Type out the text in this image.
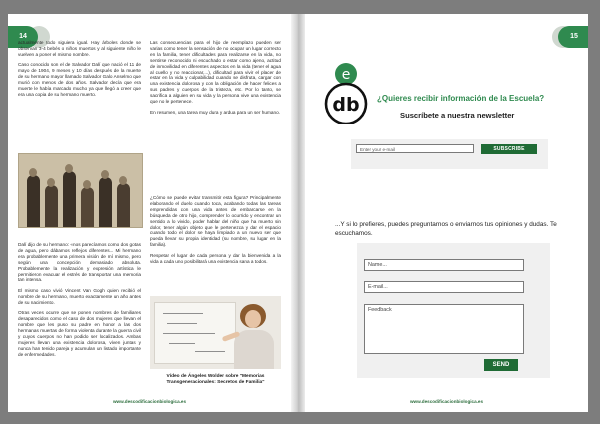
14

actualmente todo siguiera igual. Hay árboles donde se observan 3-4 bebés o niños muertos y al siguiente niño le vuelven a poner el mismo nombre.

Caso conocido son el de Salvador Dalí que nació el 11 de mayo de 1904, 9 meses y 10 días después de la muerte de su hermano mayor llamado Salvador Galo Anselmo que murió con menos de dos años. Salvador decía que era muerte le había marcado mucho ya que llegó a creer que era una copia de su hermano muerto.

Dalí dijo de su hermano: «nos parecíamos como dos gotas de agua, pero dábamos reflejos diferentes... Mi hermano era probablemente una primera visión de mí mismo, pero según una concepción demasiado absoluta. Probablemente la realización y expresión artística le permitieron evacuar el estrés de transportar una memoria tan intensa.

El mismo caso vivió Vincent Van Gogh quien recibió el nombre de su hermano, muerto exactamente un año antes de su nacimiento.

Otras veces ocurre que se ponen nombres de familiares desaparecidos como el caso de dos mujeres que llevan el nombre que les puso su padre en honor a las dos hermanas muertas de forma violenta durante la guerra civil y cuyos cuerpos no han podido ser localizados. Ambas mujeres llevan una existencia dolorosa, viven juntas y nunca han tenido pareja y acumulan un listado importante de enfermedades.

Las consecuencias para el hijo de reemplazo pueden ser varias como tener la sensación de no ocupar un lugar correcto en la familia, tener dificultades para realizarse en la vida, no sentirse reconocido ni escuchado o estar como ajeno, actitud de inmovilidad en diferentes aspectos en la vida (tener el agua al cuello y no reaccionar,...), dificultad para vivir el placer de estar en la vida y culpabilidad cuando se disfruta, cargar con una existencia dolorosa y con la obligación de hacer felices a sus padres y cuerpos de la tristeza, etc. Por lo tanto, se sacrifica a alguien en su vida y la persona vive una existencia que no le pertenece.

En resumen, una tarea muy dura y ardua para un ser humano.

¿Cómo se puede evitar transmitir esta figura? Principalmente elaborando el duelo cuando toca, acabando todas las tareas emprendidas con una vida antes de embarcarse en la búsqueda de otro hijo, comprender lo ocurrido y encontrar un sentido a lo vivido, poder hablar del niño que ha muerto sin dolor, tener algún objeto que le pertenezca y dar el espacio cuando todo el dolor se haya limpiado a un nuevo ser que pueda llevar su propia identidad (su nombre, su lugar en la familia).

Respetar el lugar de cada persona y dar la bienvenida a la vida a cada uno posibilitará una existencia sana a todos.

Vídeo de Ángeles Wolder sobre "Memorias Transgeneracionales: Secretos de Familia"
www.descodificacionbiologica.es
15
e
db ¿Quieres recibir información de la Escuela?
Suscríbete a nuestra newsletter
Enter your e-mail	SUBSCRIBE
...Y si lo prefieres, puedes preguntarnos o enviarnos tus opiniones y dudas. Te escuchamos.
Name...
E-mail...
Feedback
SEND
www.descodificacionbiologica.es
